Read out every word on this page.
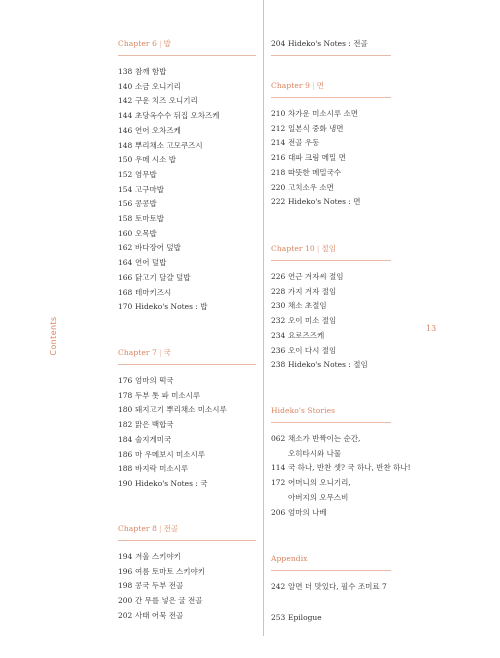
Contents	13
Chapter 6 | 밥
138 참깨 함밥
140 소금 오니기리
142 구운 치즈 오니기리
144 초당옥수수 뒤집 오차즈케
146 연어 오차즈케
148 뿌리채소 고모쿠즈시
150 우메 시소 밥
152 염무밥
154 고구마밥
156 콩콩밥
158 토마토밥
160 오목밥
162 바다장어 덮밥
164 연어 덮밥
166 닭고기 달걀 덮밥
168 테마키즈시
170 Hideko's Notes : 밥
Chapter 7 | 국
176 엄마의 떡국
178 두부 톳 파 미소시루
180 돼지고기 뿌리채소 미소시루
182 맑은 백합국
184 술지게미국
186 마 우메보시 미소시루
188 바지락 미소시루
190 Hideko's Notes : 국
Chapter 8 | 전골
194 겨울 스키야키
196 여름 토마토 스키야키
198 콩국 두부 전골
200 간 무를 넣은 굴 전골
202 사태 어묵 전골
204 Hideko's Notes : 전골
Chapter 9 | 면
210 차가운 미소시루 소면
212 일본식 중화 냉면
214 전골 우동
216 대파 크림 메밀 면
218 따뜻한 메밀국수
220 고치소우 소면
222 Hideko's Notes : 면
Chapter 10 | 절임
226 연근 겨자씨 절임
228 가지 겨자 절임
230 채소 초절임
232 오이 미소 절임
234 요로즈즈케
236 오이 다시 절임
238 Hideko's Notes : 절임
Hideko's Stories
062 채소가 반짝이는 순간,
오히타시와 나물
114 국 하나, 반찬 셋? 국 하나, 반찬 하나!
172 어머니의 오니기리,
아버지의 오무스비
206 엄마의 나베
Appendix
242 알면 더 맛있다, 필수 조미료 7
253 Epilogue
